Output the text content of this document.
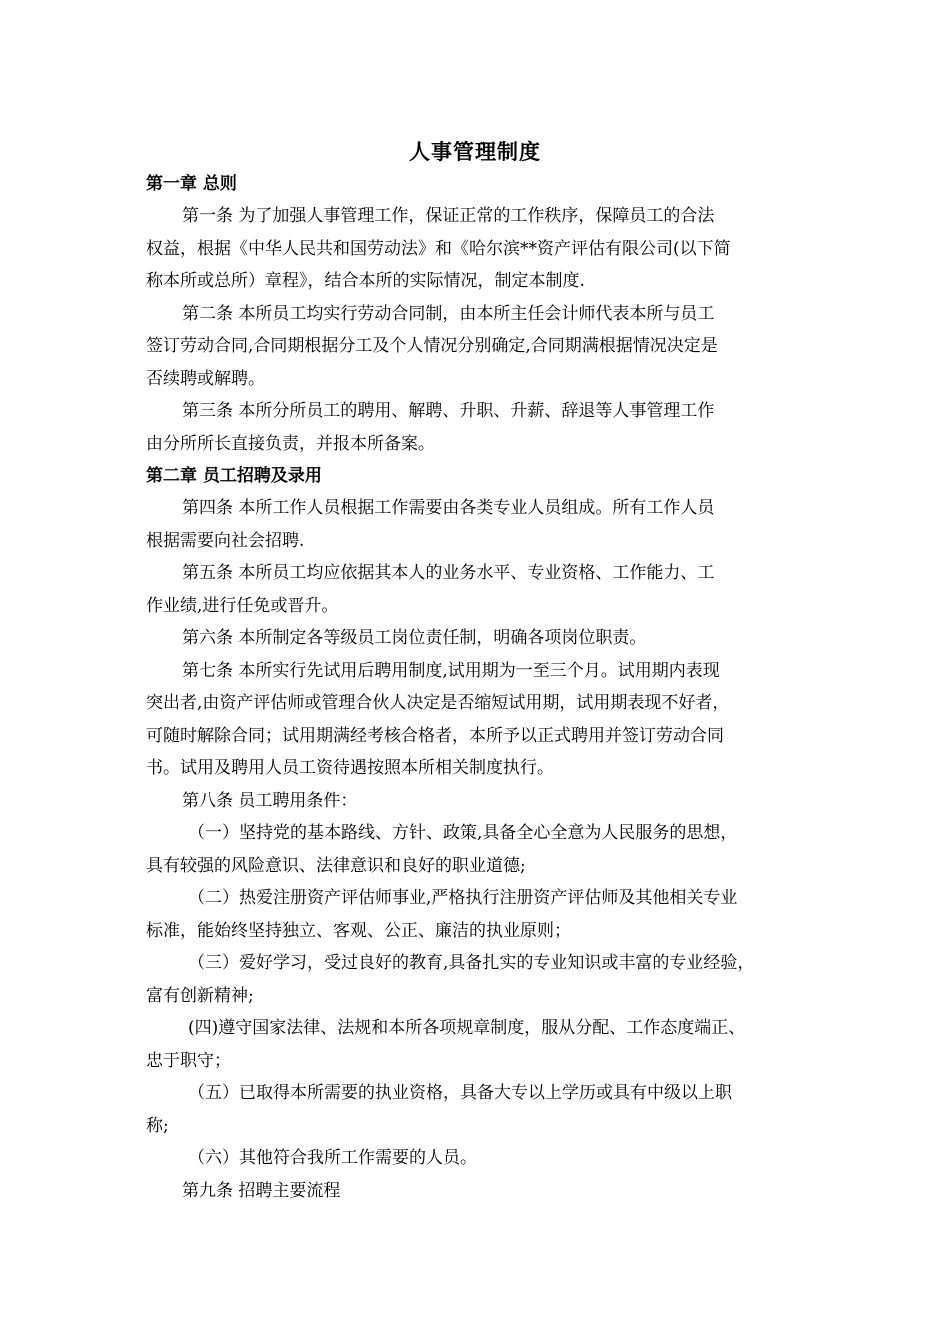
人事管理制度
第一章 总则
第一条 为了加强人事管理工作，保证正常的工作秩序，保障员工的合法
权益，根据《中华人民共和国劳动法》和《哈尔滨**资产评估有限公司(以下简
称本所或总所）章程》，结合本所的实际情况，制定本制度.
第二条 本所员工均实行劳动合同制，由本所主任会计师代表本所与员工
签订劳动合同,合同期根据分工及个人情况分别确定,合同期满根据情况决定是
否续聘或解聘。
第三条 本所分所员工的聘用、解聘、升职、升薪、辞退等人事管理工作
由分所所长直接负责，并报本所备案。
第二章 员工招聘及录用
第四条 本所工作人员根据工作需要由各类专业人员组成。所有工作人员
根据需要向社会招聘.
第五条 本所员工均应依据其本人的业务水平、专业资格、工作能力、工
作业绩,进行任免或晋升。
第六条 本所制定各等级员工岗位责任制，明确各项岗位职责。
第七条 本所实行先试用后聘用制度,试用期为一至三个月。试用期内表现
突出者,由资产评估师或管理合伙人决定是否缩短试用期，试用期表现不好者，
可随时解除合同；试用期满经考核合格者，本所予以正式聘用并签订劳动合同
书。试用及聘用人员工资待遇按照本所相关制度执行。
第八条 员工聘用条件：
（一）坚持党的基本路线、方针、政策,具备全心全意为人民服务的思想，
具有较强的风险意识、法律意识和良好的职业道德;
（二）热爱注册资产评估师事业,严格执行注册资产评估师及其他相关专业
标准，能始终坚持独立、客观、公正、廉洁的执业原则；
（三）爱好学习，受过良好的教育,具备扎实的专业知识或丰富的专业经验，
富有创新精神;
(四)遵守国家法律、法规和本所各项规章制度，服从分配、工作态度端正、
忠于职守；
（五）已取得本所需要的执业资格，具备大专以上学历或具有中级以上职
称;
（六）其他符合我所工作需要的人员。
第九条 招聘主要流程
